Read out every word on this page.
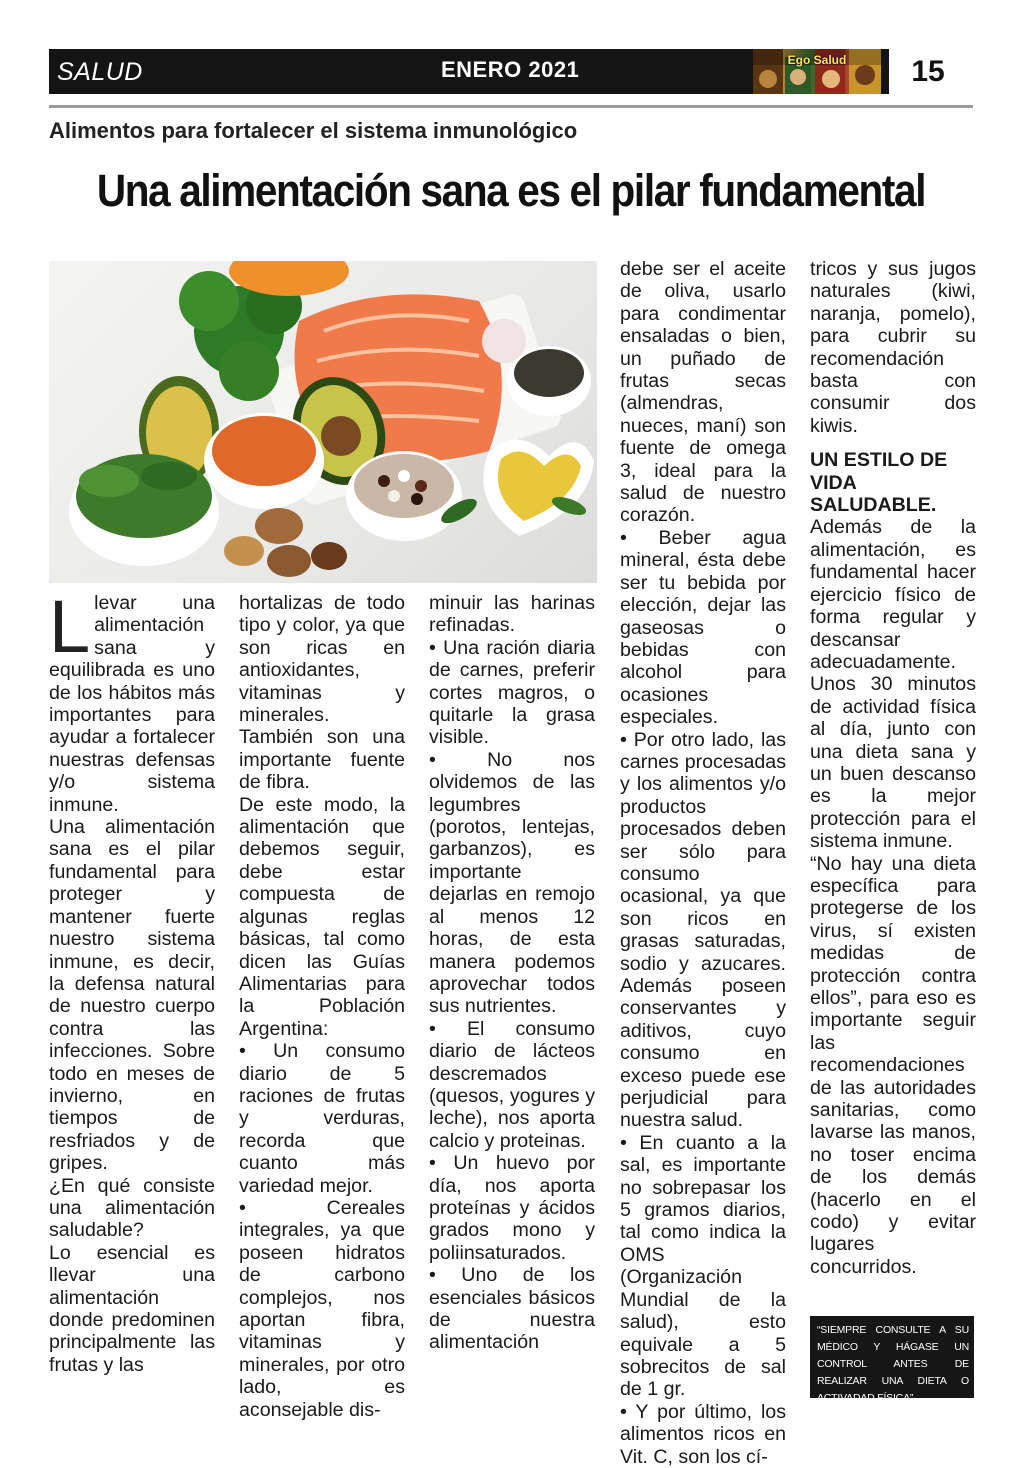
SALUD	ENERO 2021	Ego Salud	15
Alimentos para fortalecer el sistema inmunológico
Una alimentación sana es el pilar fundamental
L levar una alimentación sana y equilibrada es uno de los hábitos más importantes para ayudar a fortalecer nuestras defensas y/o sistema inmune.

Una alimentación sana es el pilar fundamental para proteger y mantener fuerte nuestro sistema inmune, es decir, la defensa natural de nuestro cuerpo contra las infecciones. Sobre todo en meses de invierno, en tiempos de resfriados y de gripes.

¿En qué consiste una alimentación saludable?

Lo esencial es llevar una alimentación donde predominen principalmente las frutas y las

hortalizas de todo tipo y color, ya que son ricas en antioxidantes, vitaminas y minerales. También son una importante fuente de fibra.

De este modo, la alimentación que debemos seguir, debe estar compuesta de algunas reglas básicas, tal como dicen las Guías Alimentarias para la Población Argentina:

• Un consumo diario de 5 raciones de frutas y verduras, recorda que cuanto más variedad mejor.

• Cereales integrales, ya que poseen hidratos de carbono complejos, nos aportan fibra, vitaminas y minerales, por otro lado, es aconsejable dis-

minuir las harinas refinadas.

• Una ración diaria de carnes, preferir cortes magros, o quitarle la grasa visible.

• No nos olvidemos de las legumbres (porotos, lentejas, garbanzos), es importante dejarlas en remojo al menos 12 horas, de esta manera podemos aprovechar todos sus nutrientes.

• El consumo diario de lácteos descremados (quesos, yogures y leche), nos aporta calcio y proteinas.

• Un huevo por día, nos aporta proteínas y ácidos grados mono y poliinsaturados.

• Uno de los esenciales básicos de nuestra alimentación

debe ser el aceite de oliva, usarlo para condimentar ensaladas o bien, un puñado de frutas secas (almendras, nueces, maní) son fuente de omega 3, ideal para la salud de nuestro corazón.

• Beber agua mineral, ésta debe ser tu bebida por elección, dejar las gaseosas o bebidas con alcohol para ocasiones especiales.

• Por otro lado, las carnes procesadas y los alimentos y/o productos procesados deben ser sólo para consumo ocasional, ya que son ricos en grasas saturadas, sodio y azucares. Además poseen conservantes y aditivos, cuyo consumo en exceso puede ese perjudicial para nuestra salud.

• En cuanto a la sal, es importante no sobrepasar los 5 gramos diarios, tal como indica la OMS (Organización Mundial de la salud), esto equivale a 5 sobrecitos de sal de 1 gr.

• Y por último, los alimentos ricos en Vit. C, son los cí-

tricos y sus jugos naturales (kiwi, naranja, pomelo), para cubrir su recomendación basta con consumir dos kiwis.

UN ESTILO DE VIDA SALUDABLE.

Además de la alimentación, es fundamental hacer ejercicio físico de forma regular y descansar adecuadamente. Unos 30 minutos de actividad física al día, junto con una dieta sana y un buen descanso es la mejor protección para el sistema inmune.

“No hay una dieta específica para protegerse de los virus, sí existen medidas de protección contra ellos”, para eso es importante seguir las recomendaciones de las autoridades sanitarias, como lavarse las manos, no toser encima de los demás (hacerlo en el codo) y evitar lugares concurridos.

“SIEMPRE CONSULTE A SU MÉDICO Y HÁGASE UN CONTROL ANTES DE REALIZAR UNA DIETA O ACTIVADAD FÍSICA”
